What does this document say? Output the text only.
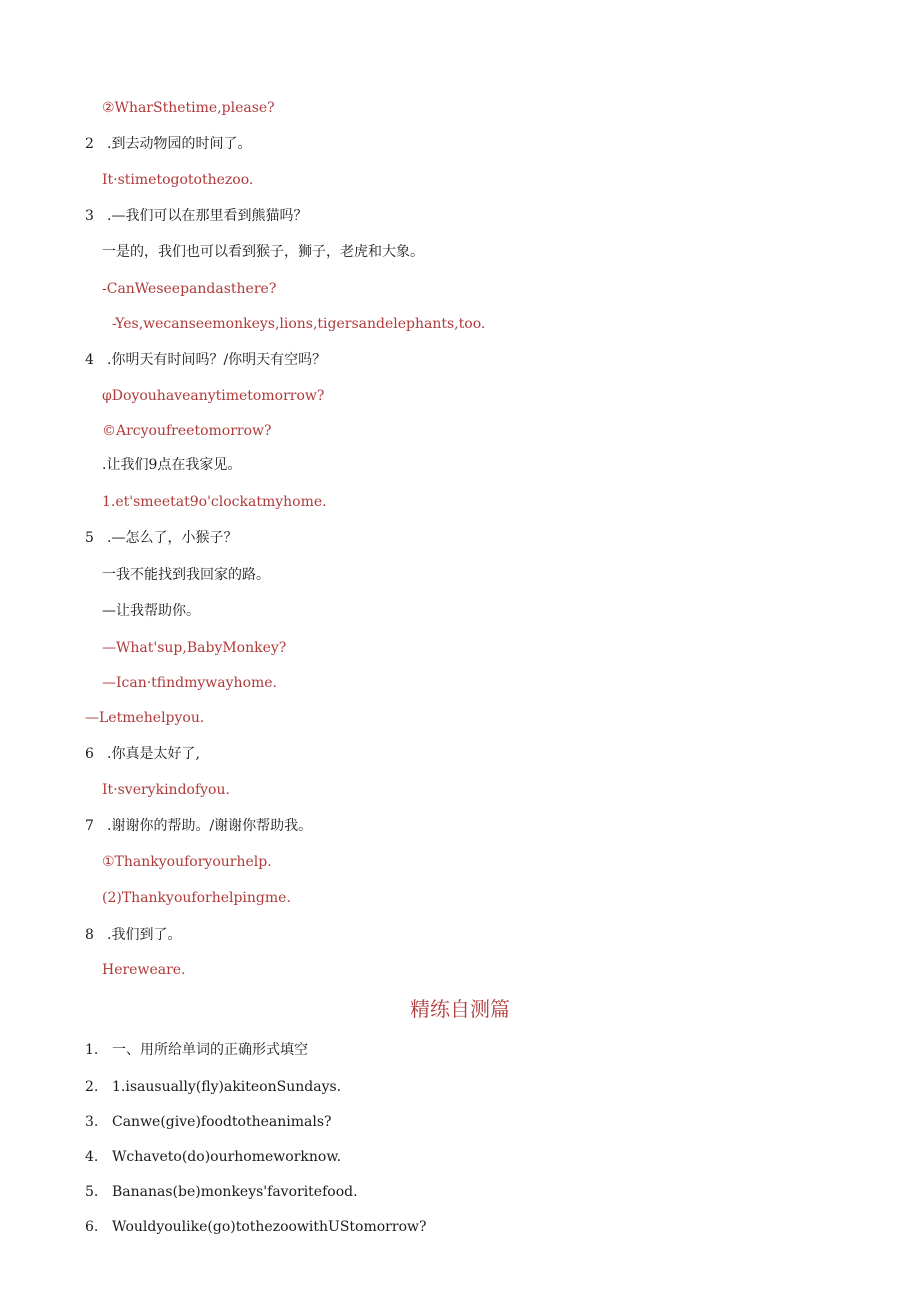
②WharSthetime,please?
2 .到去动物园的时间了。
It·stimetogotothezoo.
3 .—我们可以在那里看到熊猫吗？
一是的，我们也可以看到猴子，狮子，老虎和大象。
-CanWeseepandasthere?
-Yes,wecanseemonkeys,lions,tigersandelephants,too.
4 .你明天有时间吗？/你明天有空吗？
φDoyouhaveanytimetomorrow?
©Arcyoufreetomorrow?
.让我们9点在我家见。
1.et'smeetat9o'clockatmyhome.
5 .—怎么了，小猴子？
一我不能找到我回家的路。
—让我帮助你。
—What'sup,BabyMonkey?
—Ican·tfindmywayhome.
—Letmehelpyou.
6 .你真是太好了,
It·sverykindofyou.
7 .谢谢你的帮助。/谢谢你帮助我。
①Thankyouforyourhelp.
(2)Thankyouforhelpingme.
8 .我们到了。
Hereweare.
1. 一、用所给单词的正确形式填空
2. 1.isausually(fly)akiteonSundays.
3. Canwe(give)foodtotheanimals?
4. Wchaveto(do)ourhomeworknow.
5. Bananas(be)monkeys'favoritefood.
6. Wouldyoulike(go)tothezoowithUStomorrow?
精练自测篇
